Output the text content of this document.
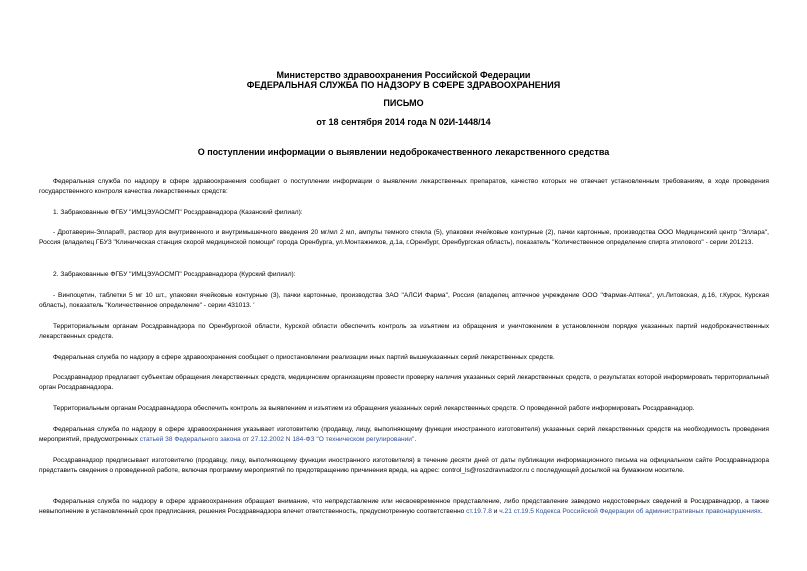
Министерство здравоохранения Российской Федерации
ФЕДЕРАЛЬНАЯ СЛУЖБА ПО НАДЗОРУ В СФЕРЕ ЗДРАВООХРАНЕНИЯ
ПИСЬМО
от 18 сентября 2014 года N 02И-1448/14
О поступлении информации о выявлении недоброкачественного лекарственного средства
Федеральная служба по надзору в сфере здравоохранения сообщает о поступлении информации о выявлении лекарственных препаратов, качество которых не отвечает установленным требованиям, в ходе проведения государственного контроля качества лекарственных средств:
1. Забракованные ФГБУ "ИМЦЭУАОСМП" Росздравнадзора (Казанский филиал):
- Дротаверин-Эллара®, раствор для внутривенного и внутримышечного введения 20 мг/мл 2 мл, ампулы темного стекла (5), упаковки ячейковые контурные (2), пачки картонные, производства ООО Медицинский центр "Эллара", Россия (владелец ГБУЗ "Клиническая станция скорой медицинской помощи" города Оренбурга, ул.Монтажников, д.1а, г.Оренбург, Оренбургская область), показатель "Количественное определение спирта этилового" - серии 201213.
2. Забракованные ФГБУ "ИМЦЭУАОСМП" Росздравнадзора (Курский филиал):
- Винпоцетин, таблетки 5 мг 10 шт., упаковки ячейковые контурные (3), пачки картонные, производства ЗАО "АЛСИ Фарма", Россия (владелец аптечное учреждение ООО "Фармак-Аптека", ул.Литовская, д.16, г.Курск, Курская область), показатель "Количественное определение" - серии 431013. '
Территориальным органам Росздравнадзора по Оренбургской области, Курской области обеспечить контроль за изъятием из обращения и уничтожением в установленном порядке указанных партий недоброкачественных лекарственных средств.
Федеральная служба по надзору в сфере здравоохранения сообщает о приостановлении реализации иных партий вышеуказанных серий лекарственных средств.
Росздравнадзор предлагает субъектам обращения лекарственных средств, медицинским организациям провести проверку наличия указанных серий лекарственных средств, о результатах которой информировать территориальный орган Росздравнадзора.
Территориальным органам Росздравнадзора обеспечить контроль за выявлением и изъятием из обращения указанных серий лекарственных средств. О проведенной работе информировать Росздравнадзор.
Федеральная служба по надзору в сфере здравоохранения указывает изготовителю (продавцу, лицу, выполняющему функции иностранного изготовителя) указанных серий лекарственных средств на необходимость проведения мероприятий, предусмотренных статьей 38 Федерального закона от 27.12.2002 N 184-ФЗ "О техническом регулировании".
Росздравнадзор предписывает изготовителю (продавцу, лицу, выполняющему функции иностранного изготовителя) в течение десяти дней от даты публикации информационного письма на официальном сайте Росздравнадзора представить сведения о проведенной работе, включая программу мероприятий по предотвращению причинения вреда, на адрес: control_ls@roszdravnadzor.ru с последующей досылкой на бумажном носителе.
Федеральная служба по надзору в сфере здравоохранения обращает внимание, что непредставление или несвоевременное представление, либо представление заведомо недостоверных сведений в Росздравнадзор, а также невыполнение в установленный срок предписания, решения Росздравнадзора влечет ответственность, предусмотренную соответственно ст.19.7.8 и ч.21 ст.19.5 Кодекса Российской Федерации об административных правонарушениях.
